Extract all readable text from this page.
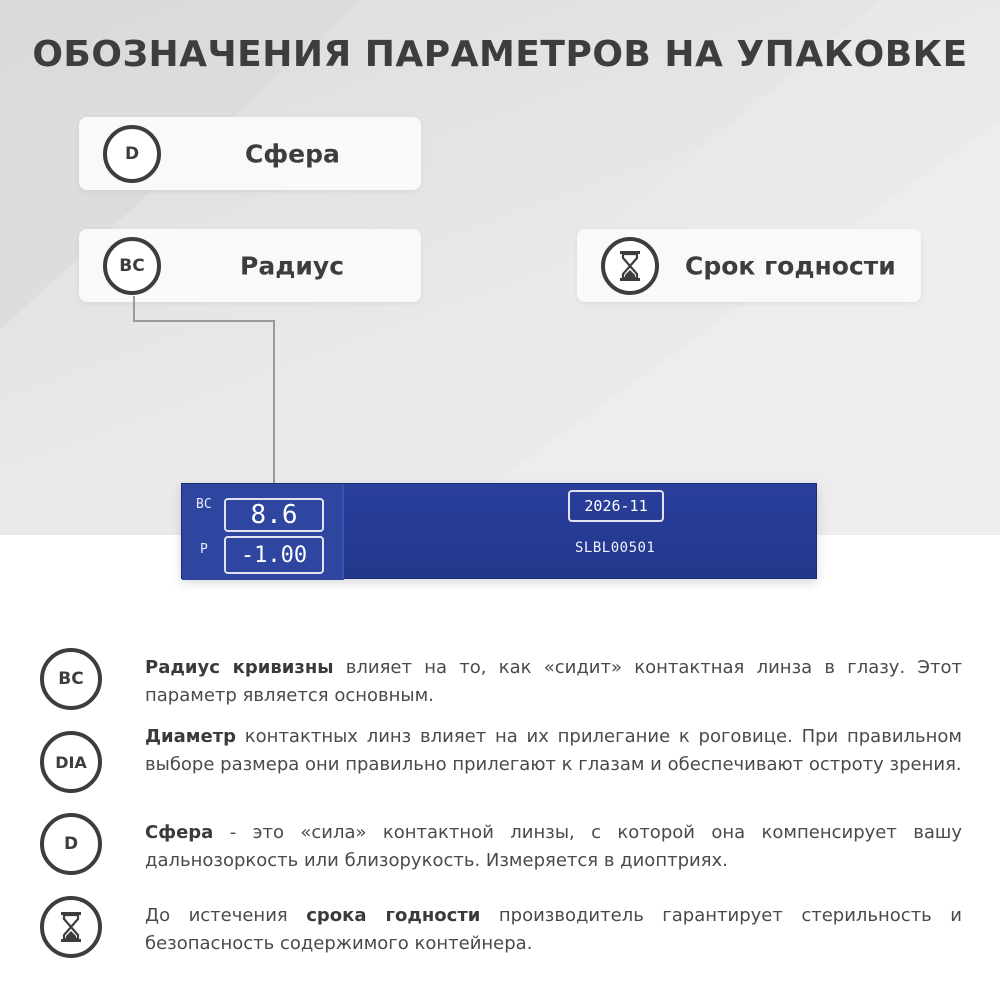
ОБОЗНАЧЕНИЯ ПАРАМЕТРОВ НА УПАКОВКЕ
D	Сфера
BC	Радиус	Срок годности
BC	8.6
P	-1.00
2026-11
SLBL00501
BC

Радиус кривизны влияет на то, как «сидит» контактная линза в глазу. Этот параметр является основным.

DIA

Диаметр контактных линз влияет на их прилегание к роговице. При правильном выборе размера они правильно прилегают к глазам и обеспечивают остроту зрения.

D

Сфера - это «сила» контактной линзы, с которой она компенсирует вашу дальнозоркость или близорукость. Измеряется в диоптриях.

До истечения срока годности производитель гарантирует стерильность и безопасность содержимого контейнера.
